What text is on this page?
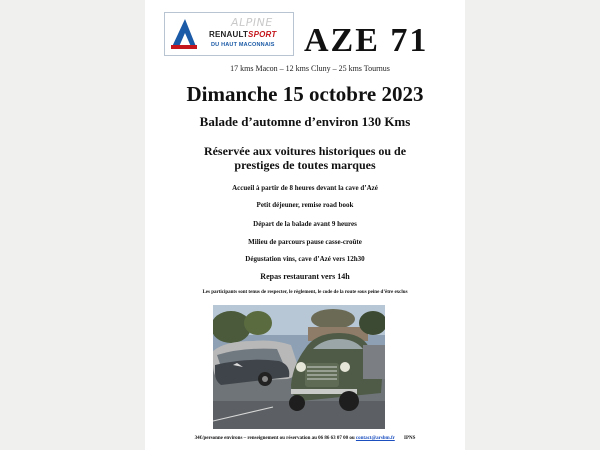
ALPINE
RENAULTSPORT
DU HAUT MACONNAIS AZE 71
17 kms Macon – 12 kms Cluny – 25 kms Tournus
Dimanche 15 octobre 2023
Balade d’automne d’environ 130 Kms
Réservée aux voitures historiques ou de
prestiges de toutes marques
Accueil à partir de 8 heures devant la cave d’Azé
Petit déjeuner, remise road book
Départ de la balade avant 9 heures
Milieu de parcours pause casse-croûte
Dégustation vins, cave d’Azé vers 12h30
Repas restaurant vers 14h
Les participants sont tenus de respecter, le règlement, le code de la route sous peine d’être exclus
34€/personne environs – renseignement ou réservation au 06 86 63 07 00 ou contact@arsbm.fr IPNS
